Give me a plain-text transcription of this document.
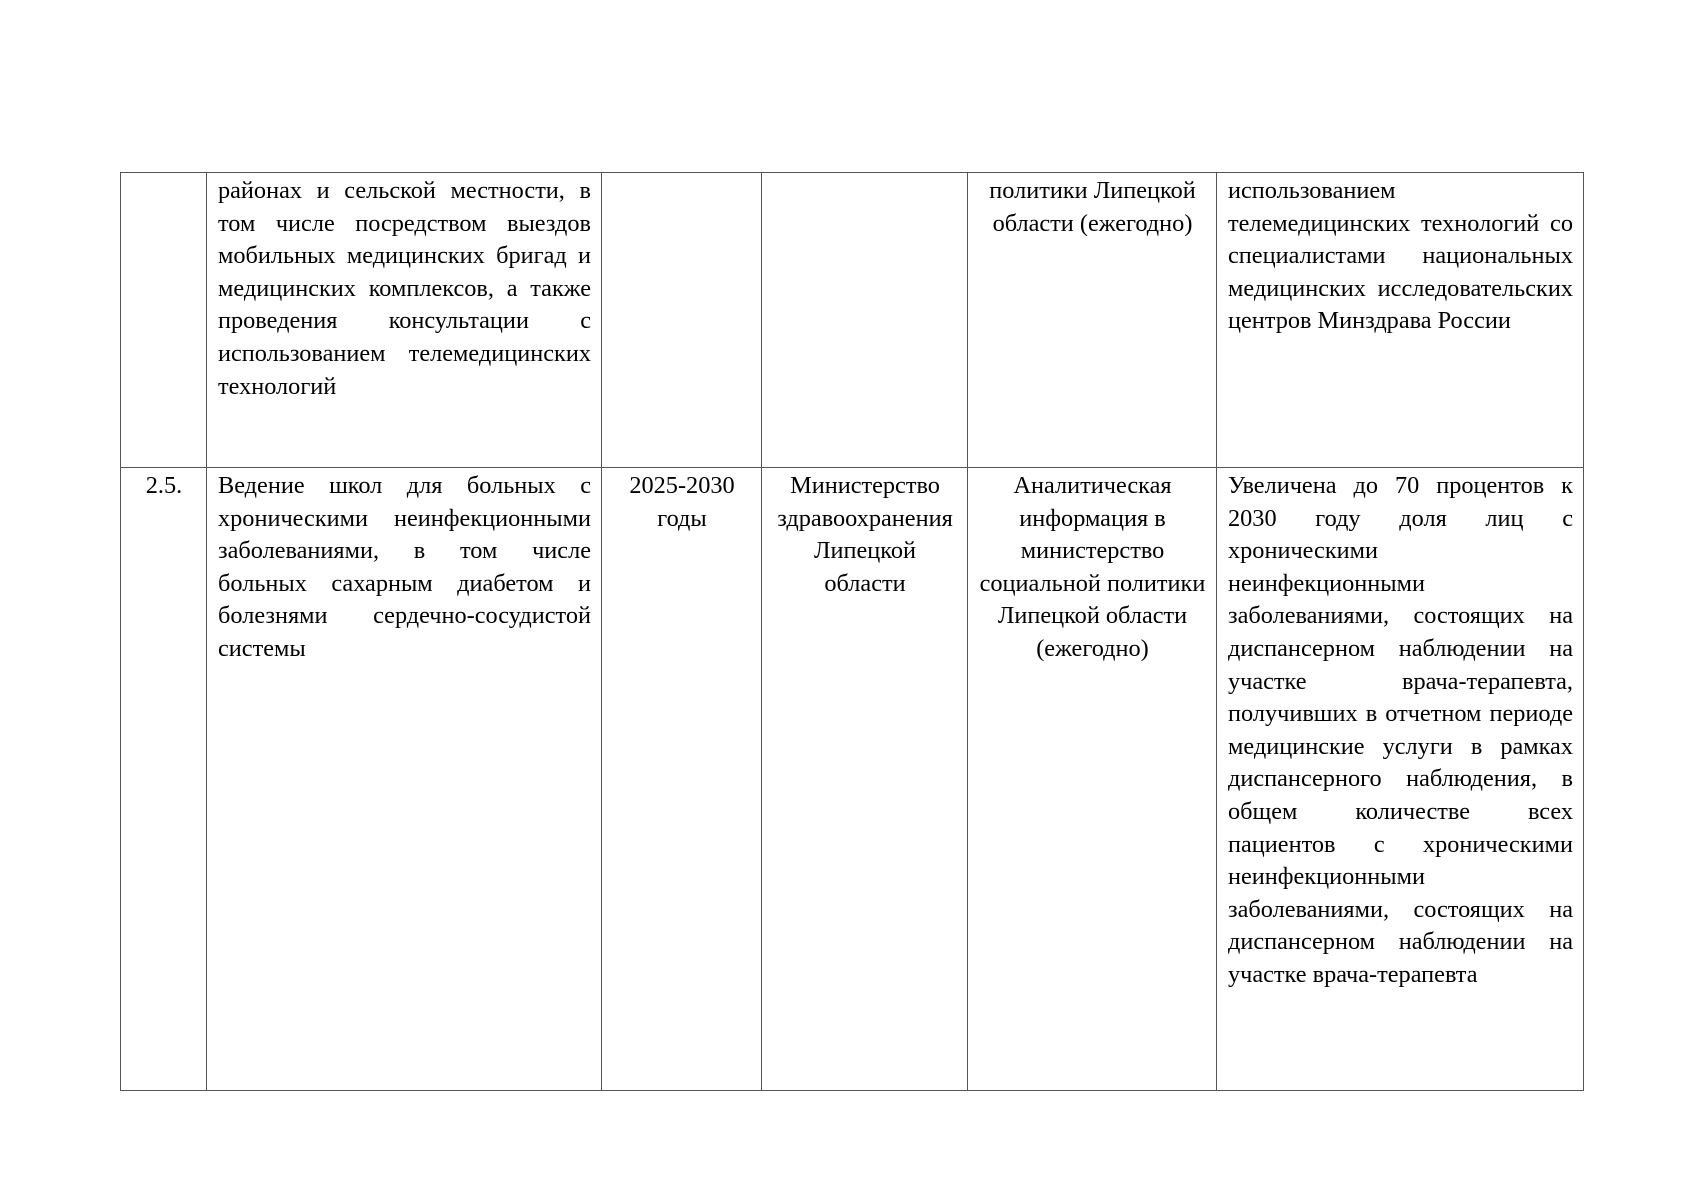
	районах и сельской местности, в том числе посредством выездов мобильных медицинских бригад и медицинских комплексов, а также проведения консультации с использованием телемедицинских технологий			политики Липецкой области (ежегодно)	использованием телемедицинских технологий со специалистами национальных медицинских исследовательских центров Минздрава России

2.5.	Ведение школ для больных с хроническими неинфекционными заболеваниями, в том числе больных сахарным диабетом и болезнями сердечно-сосудистой системы	2025-2030 годы	Министерство здравоохранения Липецкой области	Аналитическая информация в министерство социальной политики Липецкой области (ежегодно)	Увеличена до 70 процентов к 2030 году доля лиц с хроническими неинфекционными заболеваниями, состоящих на диспансерном наблюдении на участке врача-терапевта, получивших в отчетном периоде медицинские услуги в рамках диспансерного наблюдения, в общем количестве всех пациентов с хроническими неинфекционными заболеваниями, состоящих на диспансерном наблюдении на участке врача-терапевта
